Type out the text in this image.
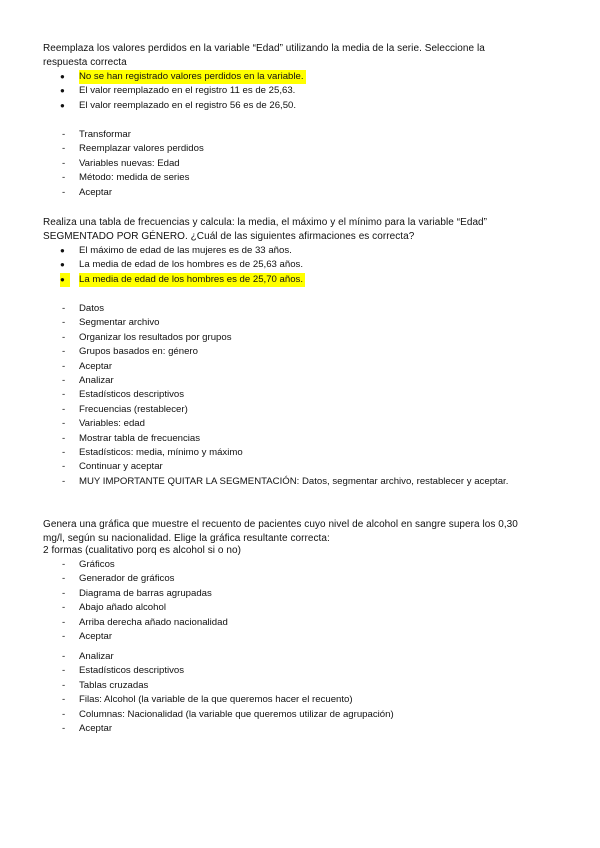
Reemplaza los valores perdidos en la variable “Edad” utilizando la media de la serie. Seleccione la
respuesta correcta
●	No se han registrado valores perdidos en la variable.
●	El valor reemplazado en el registro 11 es de 25,63.
●	El valor reemplazado en el registro 56 es de 26,50.
-	Transformar
-	Reemplazar valores perdidos
-	Variables nuevas: Edad
-	Método: medida de series
-	Aceptar
Realiza una tabla de frecuencias y calcula: la media, el máximo y el mínimo para la variable “Edad”
SEGMENTADO POR GÉNERO. ¿Cuál de las siguientes afirmaciones es correcta?
●	El máximo de edad de las mujeres es de 33 años.
●	La media de edad de los hombres es de 25,63 años.
●	La media de edad de los hombres es de 25,70 años.
-	Datos
-	Segmentar archivo
-	Organizar los resultados por grupos
-	Grupos basados en: género
-	Aceptar
-	Analizar
-	Estadísticos descriptivos
-	Frecuencias (restablecer)
-	Variables: edad
-	Mostrar tabla de frecuencias
-	Estadísticos: media, mínimo y máximo
-	Continuar y aceptar
-	MUY IMPORTANTE QUITAR LA SEGMENTACIÓN: Datos, segmentar archivo, restablecer y aceptar.
Genera una gráfica que muestre el recuento de pacientes cuyo nivel de alcohol en sangre supera los 0,30
mg/l, según su nacionalidad. Elige la gráfica resultante correcta:
2 formas (cualitativo porq es alcohol si o no)
-	Gráficos
-	Generador de gráficos
-	Diagrama de barras agrupadas
-	Abajo añado alcohol
-	Arriba derecha añado nacionalidad
-	Aceptar
-	Analizar
-	Estadísticos descriptivos
-	Tablas cruzadas
-	Filas: Alcohol (la variable de la que queremos hacer el recuento)
-	Columnas: Nacionalidad (la variable que queremos utilizar de agrupación)
-	Aceptar
